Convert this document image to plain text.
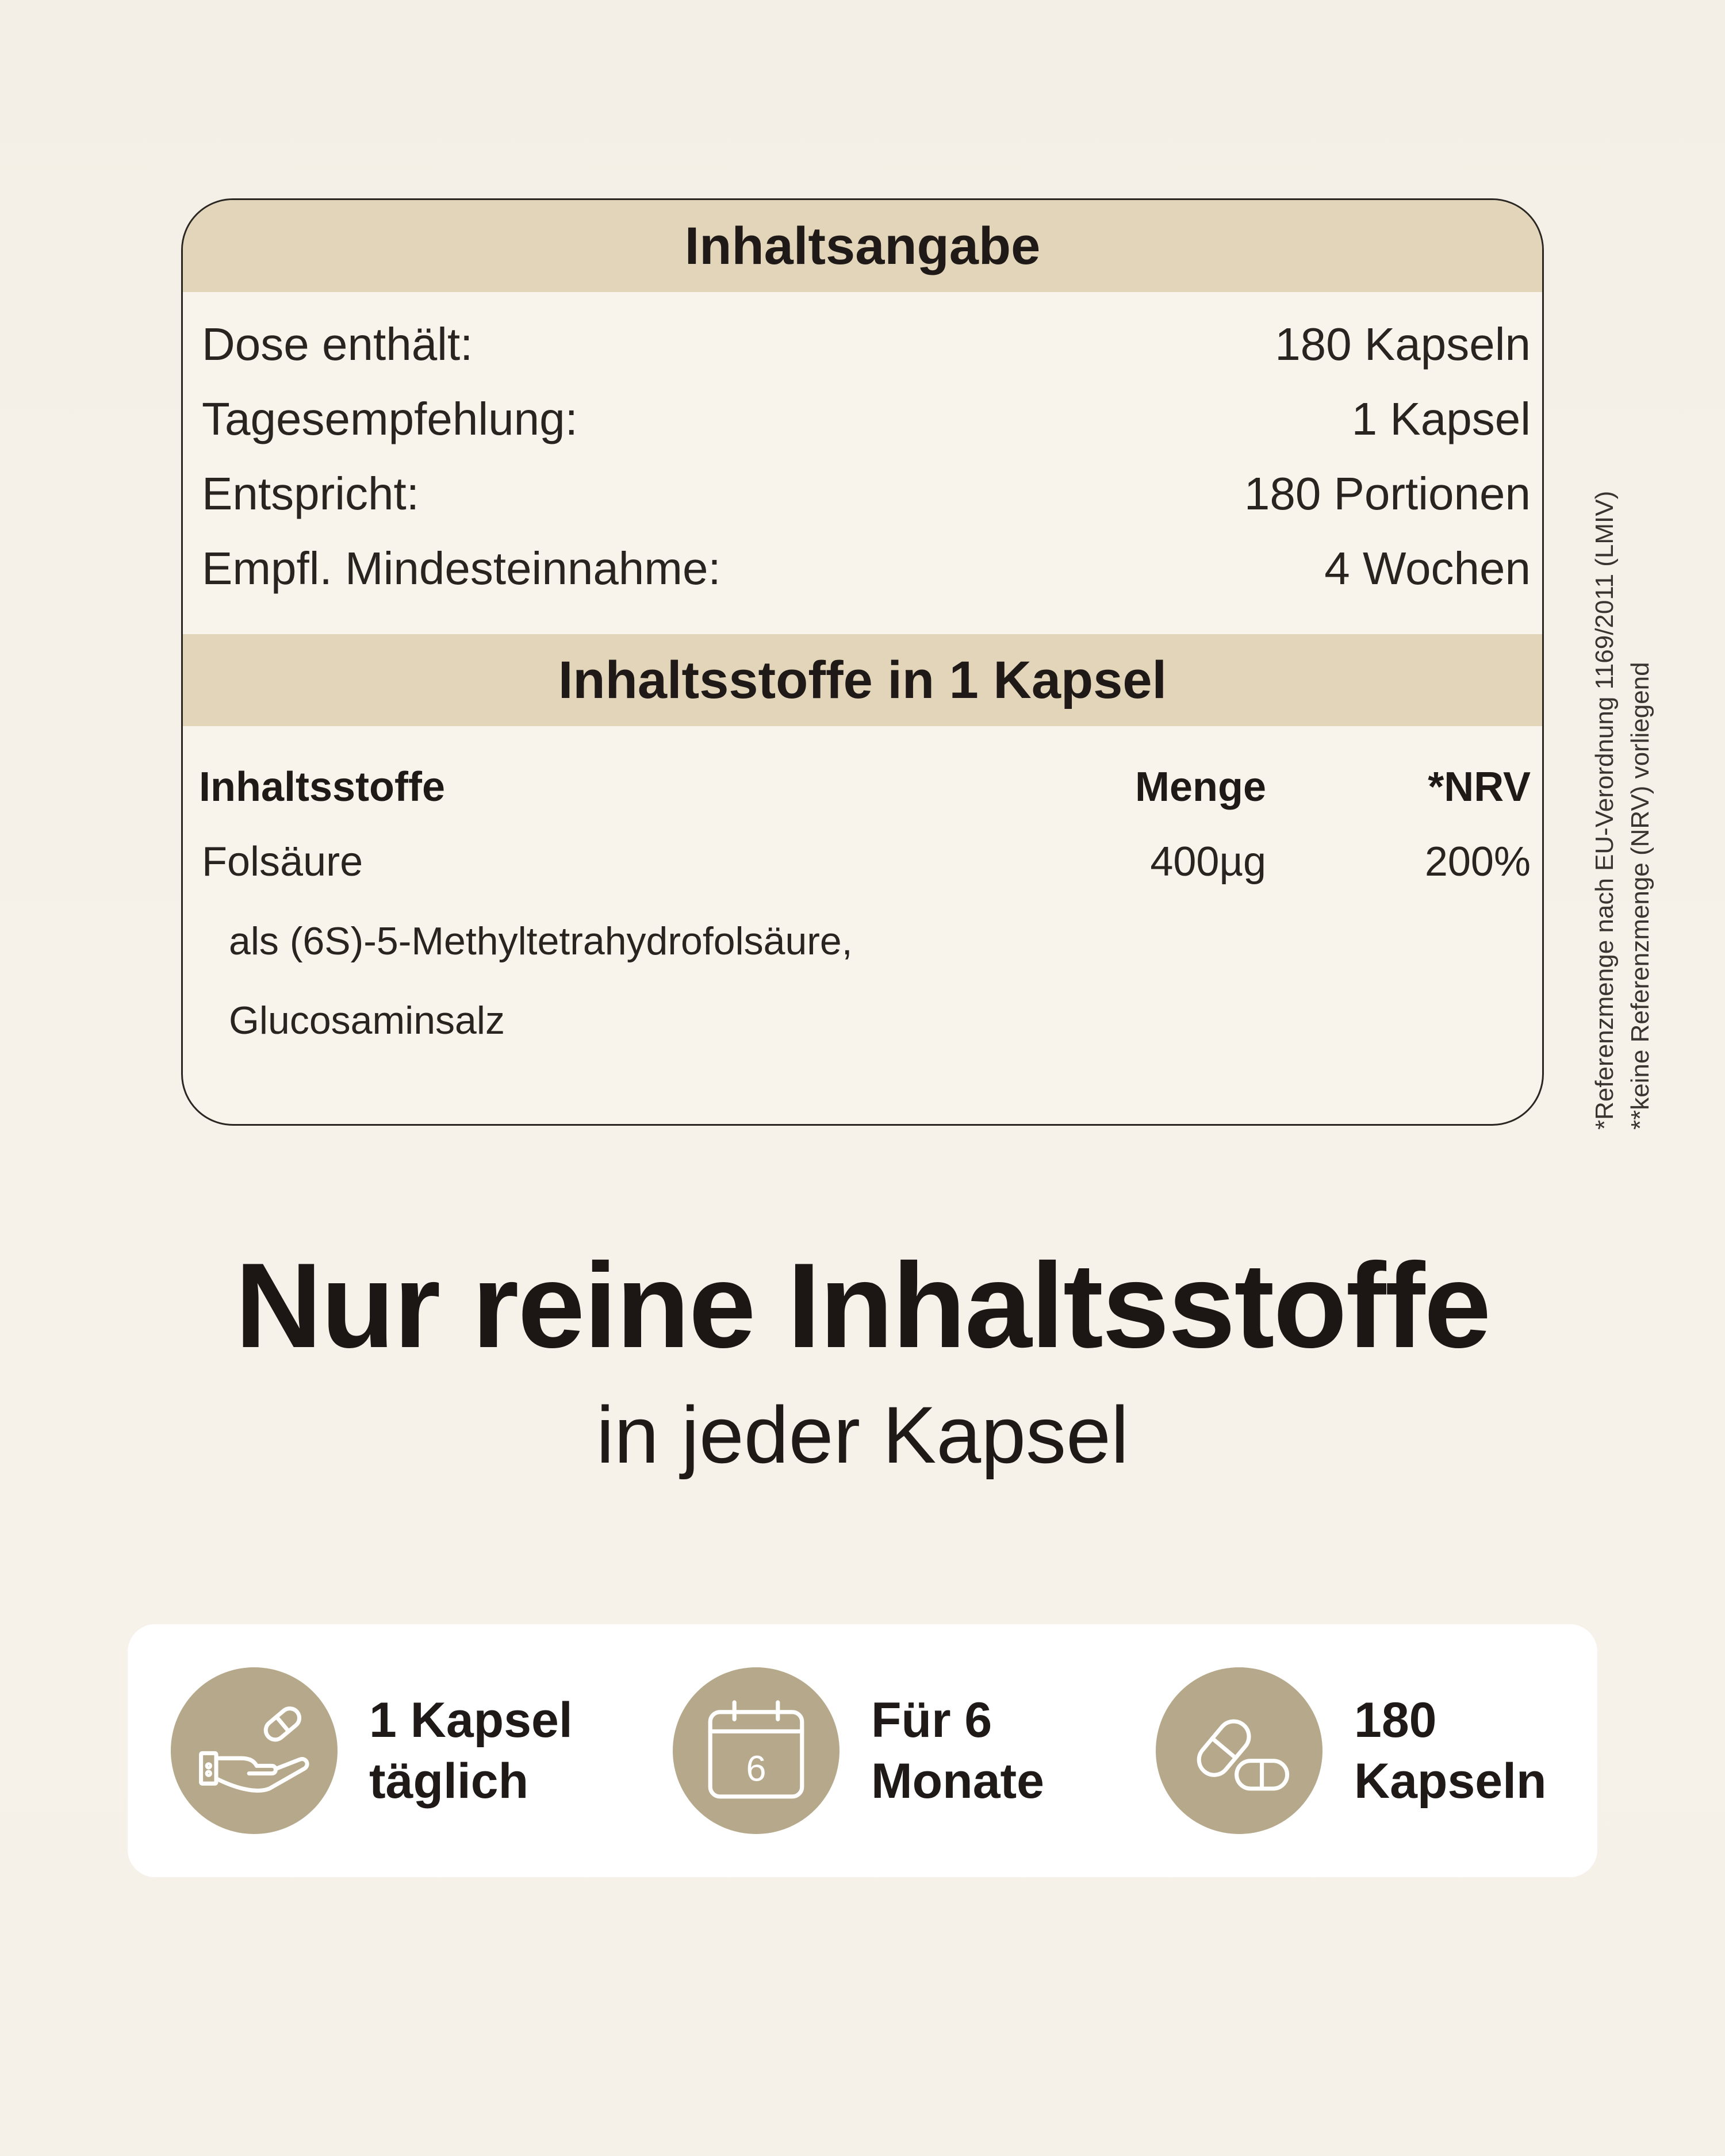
Inhaltsangabe
Dose enthält:	180 Kapseln
Tagesempfehlung:	1 Kapsel
Entspricht:	180 Portionen
Empfl. Mindesteinnahme:	4 Wochen
Inhaltsstoffe in 1 Kapsel
Inhaltsstoffe	Menge	*NRV
Folsäure	400µg	200%
als (6S)-5-Methyltetrahydrofolsäure,
Glucosaminsalz	*Referenzmenge nach EU-Verordnung 1169/2011 (LMIV) **keine Referenzmenge (NRV) vorliegend
Nur reine Inhaltsstoffe
in jeder Kapsel
1 Kapsel
täglich	6
Für 6
Monate
180
Kapseln
